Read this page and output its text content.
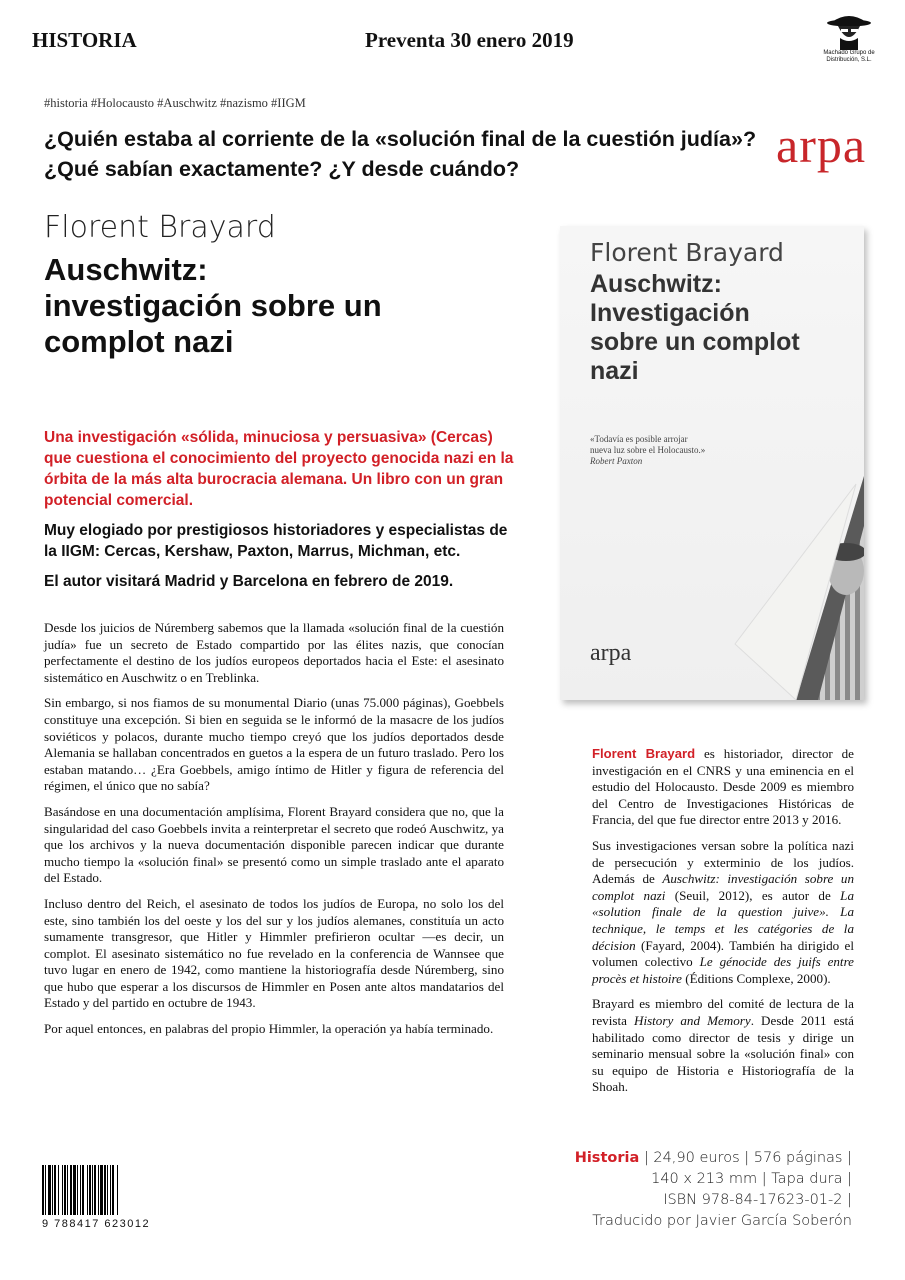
HISTORIA	Preventa 30 enero 2019
Machado Grupo de Distribución, S.L.
#historia #Holocausto #Auschwitz #nazismo #IIGM
¿Quién estaba al corriente de la «solución final de la cuestión judía»? ¿Qué sabían exactamente? ¿Y desde cuándo?	arpa
Florent Brayard
Auschwitz: investigación sobre un complot nazi
Una investigación «sólida, minuciosa y persuasiva» (Cercas) que cuestiona el conocimiento del proyecto genocida nazi en la órbita de la más alta burocracia alemana. Un libro con un gran potencial comercial.
Muy elogiado por prestigiosos historiadores y especialistas de la IIGM: Cercas, Kershaw, Paxton, Marrus, Michman, etc.
El autor visitará Madrid y Barcelona en febrero de 2019.

Desde los juicios de Núremberg sabemos que la llamada «solución final de la cuestión judía» fue un secreto de Estado compartido por las élites nazis, que conocían perfectamente el destino de los judíos europeos deportados hacia el Este: el asesinato sistemático en Auschwitz o en Treblinka.

Sin embargo, si nos fiamos de su monumental Diario (unas 75.000 páginas), Goebbels constituye una excepción. Si bien en seguida se le informó de la masacre de los judíos soviéticos y polacos, durante mucho tiempo creyó que los judíos deportados desde Alemania se hallaban concentrados en guetos a la espera de un futuro traslado. Pero los estaban matando… ¿Era Goebbels, amigo íntimo de Hitler y figura de referencia del régimen, el único que no sabía?

Basándose en una documentación amplísima, Florent Brayard considera que no, que la singularidad del caso Goebbels invita a reinterpretar el secreto que rodeó Auschwitz, ya que los archivos y la nueva documentación disponible parecen indicar que durante mucho tiempo la «solución final» se presentó como un simple traslado ante el aparato del Estado.

Incluso dentro del Reich, el asesinato de todos los judíos de Europa, no solo los del este, sino también los del oeste y los del sur y los judíos alemanes, constituía un acto sumamente transgresor, que Hitler y Himmler prefirieron ocultar —es decir, un complot. El asesinato sistemático no fue revelado en la conferencia de Wannsee que tuvo lugar en enero de 1942, como mantiene la historiografía desde Núremberg, sino que hubo que esperar a los discursos de Himmler en Posen ante altos mandatarios del Estado y del partido en octubre de 1943.

Por aquel entonces, en palabras del propio Himmler, la operación ya había terminado.

Florent Brayard
Auschwitz:
Investigación
sobre un complot
nazi
«Todavía es posible arrojar
nueva luz sobre el Holocausto.»
Robert Paxton
arpa

Florent Brayard es historiador, director de investigación en el CNRS y una eminencia en el estudio del Holocausto. Desde 2009 es miembro del Centro de Investigaciones Históricas de Francia, del que fue director entre 2013 y 2016.

Sus investigaciones versan sobre la política nazi de persecución y exterminio de los judíos. Además de Auschwitz: investigación sobre un complot nazi (Seuil, 2012), es autor de La «solution finale de la question juive». La technique, le temps et les catégories de la décision (Fayard, 2004). También ha dirigido el volumen colectivo Le génocide des juifs entre procès et histoire (Éditions Complexe, 2000).

Brayard es miembro del comité de lectura de la revista History and Memory. Desde 2011 está habilitado como director de tesis y dirige un seminario mensual sobre la «solución final» con su equipo de Historia e Historiografía de la Shoah.

Historia | 24,90 euros | 576 páginas |
140 x 213 mm | Tapa dura |
ISBN 978-84-17623-01-2 |
Traducido por Javier García Soberón
9 788417 623012
